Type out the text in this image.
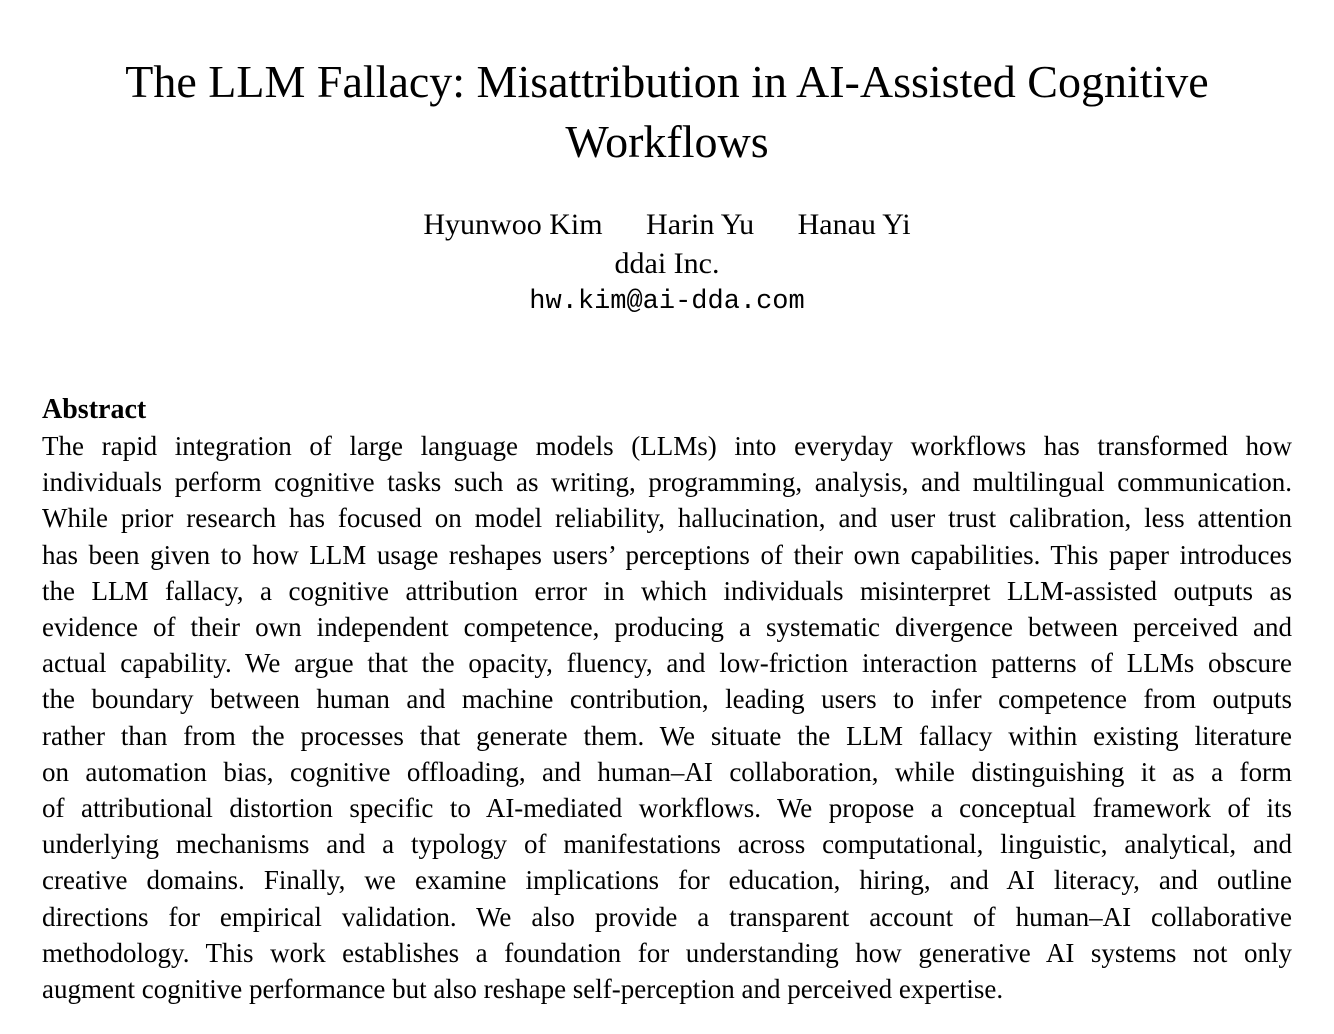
The LLM Fallacy: Misattribution in AI-Assisted Cognitive
Workflows
Hyunwoo Kim Harin Yu Hanau Yi
ddai Inc.
hw.kim@ai-dda.com
Abstract
The rapid integration of large language models (LLMs) into everyday workflows has transformed how
individuals perform cognitive tasks such as writing, programming, analysis, and multilingual communication.
While prior research has focused on model reliability, hallucination, and user trust calibration, less attention
has been given to how LLM usage reshapes users’ perceptions of their own capabilities. This paper introduces
the LLM fallacy, a cognitive attribution error in which individuals misinterpret LLM-assisted outputs as
evidence of their own independent competence, producing a systematic divergence between perceived and
actual capability. We argue that the opacity, fluency, and low-friction interaction patterns of LLMs obscure
the boundary between human and machine contribution, leading users to infer competence from outputs
rather than from the processes that generate them. We situate the LLM fallacy within existing literature
on automation bias, cognitive offloading, and human–AI collaboration, while distinguishing it as a form
of attributional distortion specific to AI-mediated workflows. We propose a conceptual framework of its
underlying mechanisms and a typology of manifestations across computational, linguistic, analytical, and
creative domains. Finally, we examine implications for education, hiring, and AI literacy, and outline
directions for empirical validation. We also provide a transparent account of human–AI collaborative
methodology. This work establishes a foundation for understanding how generative AI systems not only
augment cognitive performance but also reshape self-perception and perceived expertise.
